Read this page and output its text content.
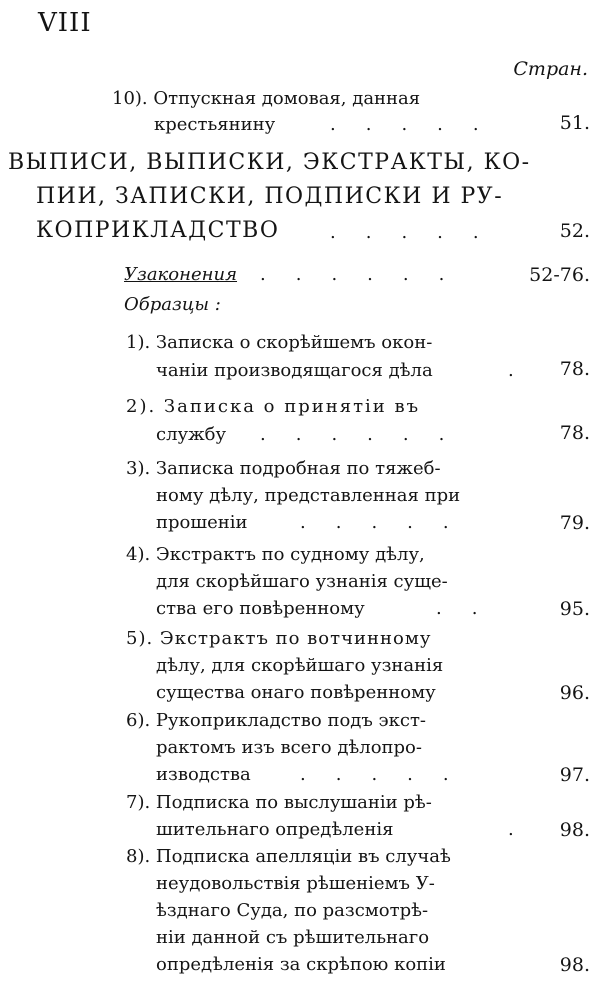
VIII
Стран.
10). Отпускная домовая, данная
крестьянину	.....	51.
ВЫПИСИ, ВЫПИСКИ, ЭКСТРАКТЫ, КО-
ПИИ, ЗАПИСКИ, ПОДПИСКИ И РУ-
КОПРИКЛАДСТВО	.....	52.
Узаконения ......	52-76.
Образцы :
1). Записка о скорѣйшемъ окон-
чаніи производящагося дѣла	. 78.
2). Записка о принятіи въ
службу ......	78.
3). Записка подробная по тяжеб-
ному дѣлу, представленная при
прошеніи	.....	79.
4). Экстрактъ по судному дѣлу,
для скорѣйшаго узнанія суще-
ства его повѣренному	..	95.
5). Экстрактъ по вотчинному
дѣлу, для скорѣйшаго узнанія
существа онаго повѣренному	96.
6). Рукоприкладство подъ экст-
рактомъ изъ всего дѣлопро-
изводства	.....	97.
7). Подписка по выслушаніи рѣ-
шительнаго опредѣленія	. 98.
8). Подписка апелляціи въ случаѣ
неудовольствія рѣшеніемъ У-
ѣзднаго Суда, по разсмотрѣ-
ніи данной съ рѣшительнаго
опредѣленія за скрѣпою копіи	98.
